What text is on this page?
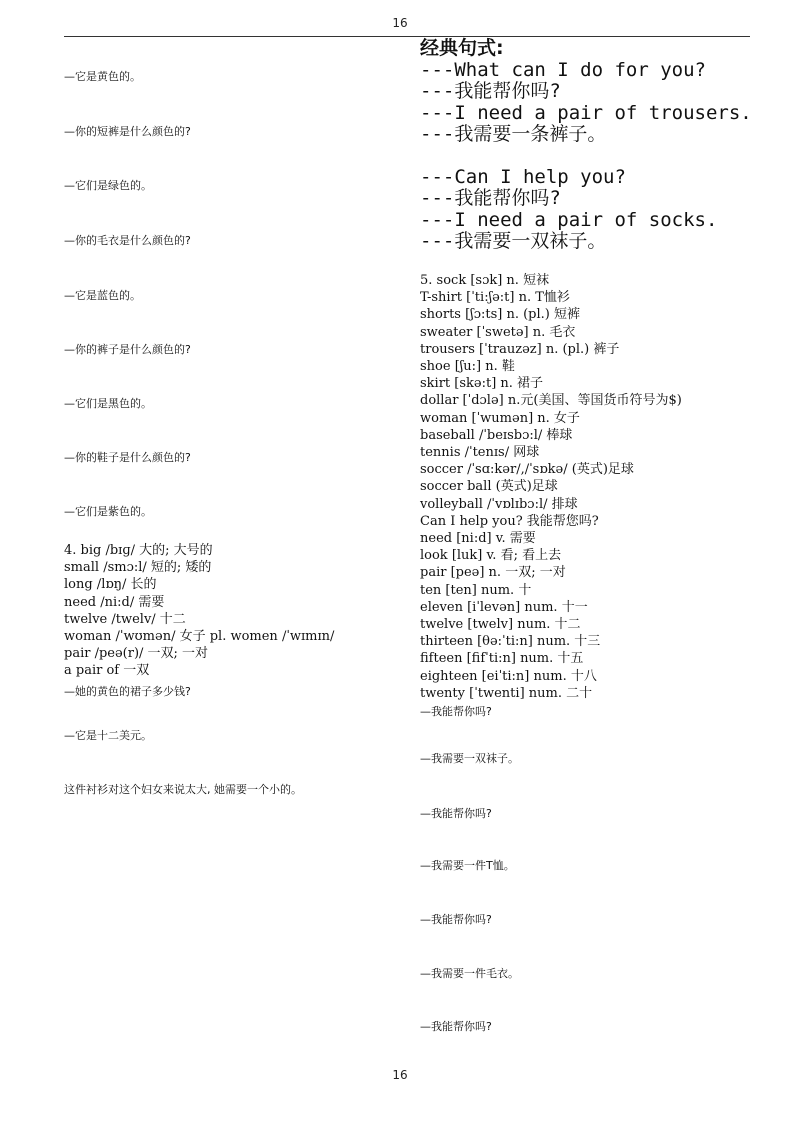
16
—它是黄色的。
—你的短裤是什么颜色的?
—它们是绿色的。
—你的毛衣是什么颜色的?
—它是蓝色的。
—你的裤子是什么颜色的?
—它们是黑色的。
—你的鞋子是什么颜色的?
—它们是紫色的。
4. big /bɪɡ/ 大的; 大号的
small /smɔ:l/ 短的; 矮的
long /lɒŋ/ 长的
need /ni:d/ 需要
twelve /twelv/ 十二
woman /ˈwʊmən/ 女子 pl. women /ˈwɪmɪn/
pair /peə(r)/ 一双; 一对
a pair of 一双
—她的黄色的裙子多少钱?
—它是十二美元。
这件衬衫对这个妇女来说太大, 她需要一个小的。
经典句式:
---What can I do for you?
---我能帮你吗?
---I need a pair of trousers.
---我需要一条裤子。
---Can I help you?
---我能帮你吗?
---I need a pair of socks.
---我需要一双袜子。
5. sock [sɔk] n. 短袜
T-shirt [ˈti:ʃə:t] n. T恤衫
shorts [ʃɔ:ts] n. (pl.) 短裤
sweater [ˈswetə] n. 毛衣
trousers [ˈtrauzəz] n. (pl.) 裤子
shoe [ʃu:] n. 鞋
skirt [skə:t] n. 裙子
dollar [ˈdɔlə] n.元(美国、等国货币符号为$)
woman [ˈwumən] n. 女子
baseball /ˈbeɪsbɔ:l/ 棒球
tennis /ˈtenɪs/ 网球
soccer /ˈsɑ:kər/,/ˈsɒkə/ (英式)足球
soccer ball (英式)足球
volleyball /ˈvɒlɪbɔ:l/ 排球
Can I help you? 我能帮您吗?
need [ni:d] v. 需要
look [luk] v. 看; 看上去
pair [peə] n. 一双; 一对
ten [ten] num. 十
eleven [iˈlevən] num. 十一
twelve [twelv] num. 十二
thirteen [θə:ˈti:n] num. 十三
fifteen [fifˈti:n] num. 十五
eighteen [eiˈti:n] num. 十八
twenty [ˈtwenti] num. 二十
—我能帮你吗?
—我需要一双袜子。
—我能帮你吗?
—我需要一件T恤。
—我能帮你吗?
—我需要一件毛衣。
—我能帮你吗?
16
